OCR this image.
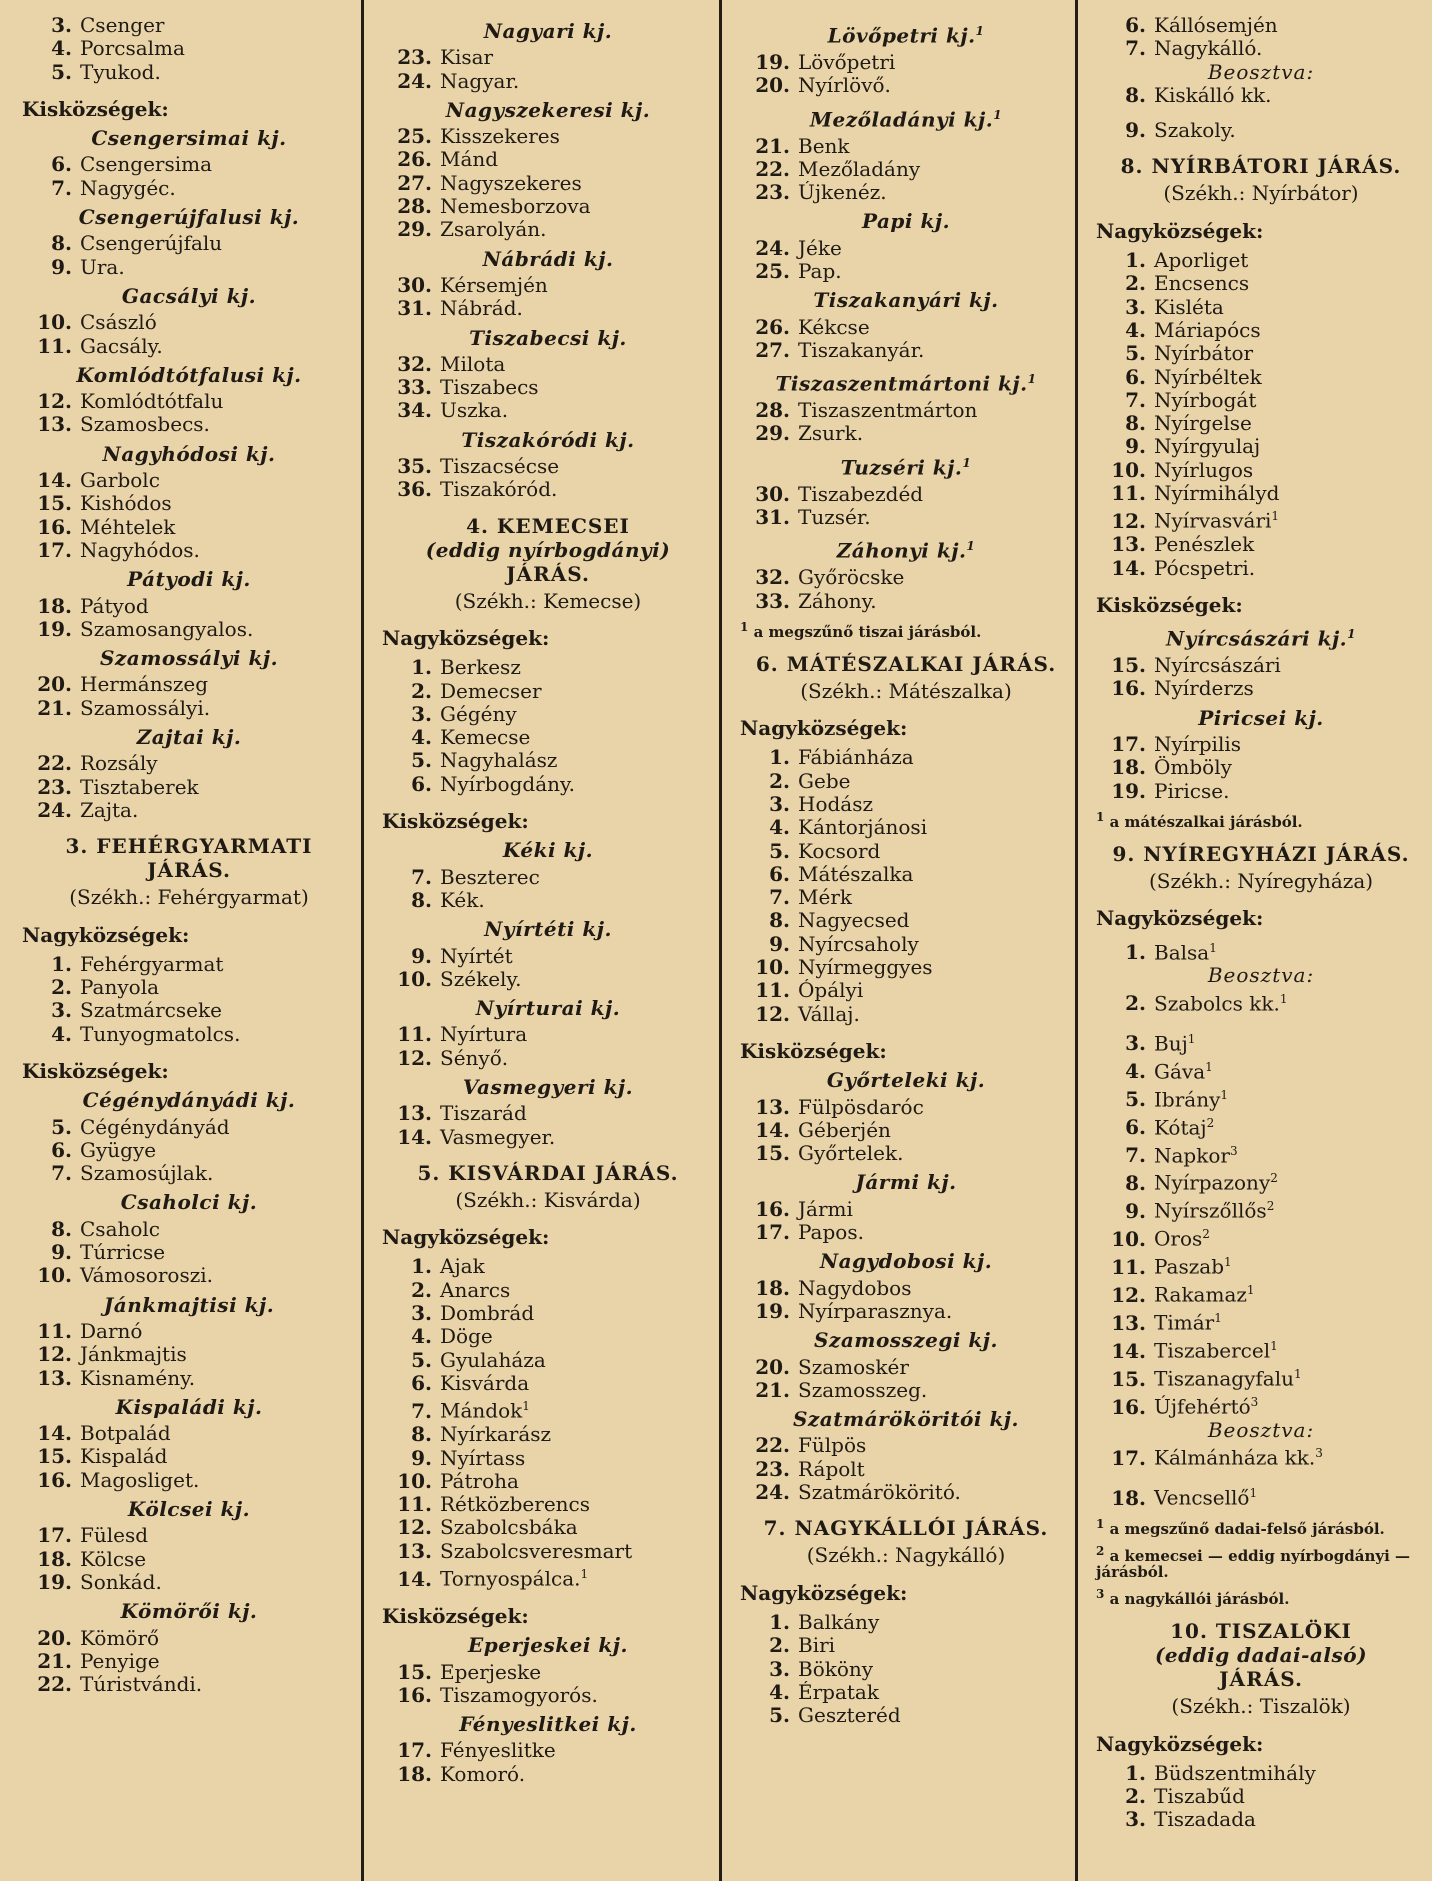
3. Csenger
4. Porcsalma
5. Tyukod.
Kisközségek:
Csengersimai kj.
6. Csengersima
7. Nagygéc.
Csengerújfalusi kj.
8. Csengerújfalu
9. Ura.
Gacsályi kj.
10. Császló
11. Gacsály.
Komlódtótfalusi kj.
12. Komlódtótfalu
13. Szamosbecs.
Nagyhódosi kj.
14. Garbolc
15. Kishódos
16. Méhtelek
17. Nagyhódos.
Pátyodi kj.
18. Pátyod
19. Szamosangyalos.
Szamossályi kj.
20. Hermánszeg
21. Szamossályi.
Zajtai kj.
22. Rozsály
23. Tisztaberek
24. Zajta.
3. FEHÉRGYARMATI
JÁRÁS.
(Székh.: Fehérgyarmat)
Nagyközségek:
1. Fehérgyarmat
2. Panyola
3. Szatmárcseke
4. Tunyogmatolcs.
Kisközségek:
Cégénydányádi kj.
5. Cégénydányád
6. Gyügye
7. Szamosújlak.
Csaholci kj.
8. Csaholc
9. Túrricse
10. Vámosoroszi.
Jánkmajtisi kj.
11. Darnó
12. Jánkmajtis
13. Kisnamény.
Kispaládi kj.
14. Botpalád
15. Kispalád
16. Magosliget.
Kölcsei kj.
17. Fülesd
18. Kölcse
19. Sonkád.
Kömörői kj.
20. Kömörő
21. Penyige
22. Túristvándi.
Nagyari kj.
23. Kisar
24. Nagyar.
Nagyszekeresi kj.
25. Kisszekeres
26. Mánd
27. Nagyszekeres
28. Nemesborzova
29. Zsarolyán.
Nábrádi kj.
30. Kérsemjén
31. Nábrád.
Tiszabecsi kj.
32. Milota
33. Tiszabecs
34. Uszka.
Tiszakóródi kj.
35. Tiszacsécse
36. Tiszakóród.
4. KEMECSEI
(eddig nyírbogdányi)
JÁRÁS.
(Székh.: Kemecse)
Nagyközségek:
1. Berkesz
2. Demecser
3. Gégény
4. Kemecse
5. Nagyhalász
6. Nyírbogdány.
Kisközségek:
Kéki kj.
7. Beszterec
8. Kék.
Nyírtéti kj.
9. Nyírtét
10. Székely.
Nyírturai kj.
11. Nyírtura
12. Sényő.
Vasmegyeri kj.
13. Tiszarád
14. Vasmegyer.
5. KISVÁRDAI JÁRÁS.
(Székh.: Kisvárda)
Nagyközségek:
1. Ajak
2. Anarcs
3. Dombrád
4. Döge
5. Gyulaháza
6. Kisvárda
7. Mándok$^1$
8. Nyírkarász
9. Nyírtass
10. Pátroha
11. Rétközberencs
12. Szabolcsbáka
13. Szabolcsveresmart
14. Tornyospálca.$^1$
Kisközségek:
Eperjeskei kj.
15. Eperjeske
16. Tiszamogyorós.
Fényeslitkei kj.
17. Fényeslitke
18. Komoró.
Lövőpetri kj.$^1$
19. Lövőpetri
20. Nyírlövő.
Mezőladányi kj.$^1$
21. Benk
22. Mezőladány
23. Újkenéz.
Papi kj.
24. Jéke
25. Pap.
Tiszakanyári kj.
26. Kékcse
27. Tiszakanyár.
Tiszaszentmártoni kj.$^1$
28. Tiszaszentmárton
29. Zsurk.
Tuzséri kj.$^1$
30. Tiszabezdéd
31. Tuzsér.
Záhonyi kj.$^1$
32. Győröcske
33. Záhony.
$^1$ a megszűnő tiszai járásból.
6. MÁTÉSZALKAI JÁRÁS.
(Székh.: Mátészalka)
Nagyközségek:
1. Fábiánháza
2. Gebe
3. Hodász
4. Kántorjánosi
5. Kocsord
6. Mátészalka
7. Mérk
8. Nagyecsed
9. Nyírcsaholy
10. Nyírmeggyes
11. Ópályi
12. Vállaj.
Kisközségek:
Győrteleki kj.
13. Fülpösdaróc
14. Géberjén
15. Győrtelek.
Jármi kj.
16. Jármi
17. Papos.
Nagydobosi kj.
18. Nagydobos
19. Nyírparasznya.
Szamosszegi kj.
20. Szamoskér
21. Szamosszeg.
Szatmárököritói kj.
22. Fülpös
23. Rápolt
24. Szatmárököritó.
7. NAGYKÁLLÓI JÁRÁS.
(Székh.: Nagykálló)
Nagyközségek:
1. Balkány
2. Biri
3. Bököny
4. Érpatak
5. Geszteréd
6. Kállósemjén
7. Nagykálló.
Beosztva:
8. Kiskálló kk.
9. Szakoly.
8. NYÍRBÁTORI JÁRÁS.
(Székh.: Nyírbátor)
Nagyközségek:
1. Aporliget
2. Encsencs
3. Kisléta
4. Máriapócs
5. Nyírbátor
6. Nyírbéltek
7. Nyírbogát
8. Nyírgelse
9. Nyírgyulaj
10. Nyírlugos
11. Nyírmihályd
12. Nyírvasvári$^1$
13. Penészlek
14. Pócspetri.
Kisközségek:
Nyírcsászári kj.$^1$
15. Nyírcsászári
16. Nyírderzs
Piricsei kj.
17. Nyírpilis
18. Ömböly
19. Piricse.
$^1$ a mátészalkai járásból.
9. NYÍREGYHÁZI JÁRÁS.
(Székh.: Nyíregyháza)
Nagyközségek:
1. Balsa$^1$
Beosztva:
2. Szabolcs kk.$^1$
3. Buj$^1$
4. Gáva$^1$
5. Ibrány$^1$
6. Kótaj$^2$
7. Napkor$^3$
8. Nyírpazony$^2$
9. Nyírszőllős$^2$
10. Oros$^2$
11. Paszab$^1$
12. Rakamaz$^1$
13. Timár$^1$
14. Tiszabercel$^1$
15. Tiszanagyfalu$^1$
16. Újfehértó$^3$
Beosztva:
17. Kálmánháza kk.$^3$
18. Vencsellő$^1$
$^1$ a megszűnő dadai-felső járásból.
$^2$ a kemecsei — eddig nyírbogdányi — járásból.
$^3$ a nagykállói járásból.
10. TISZALÖKI
(eddig dadai-alsó)
JÁRÁS.
(Székh.: Tiszalök)
Nagyközségek:
1. Büdszentmihály
2. Tiszabűd
3. Tiszadada
